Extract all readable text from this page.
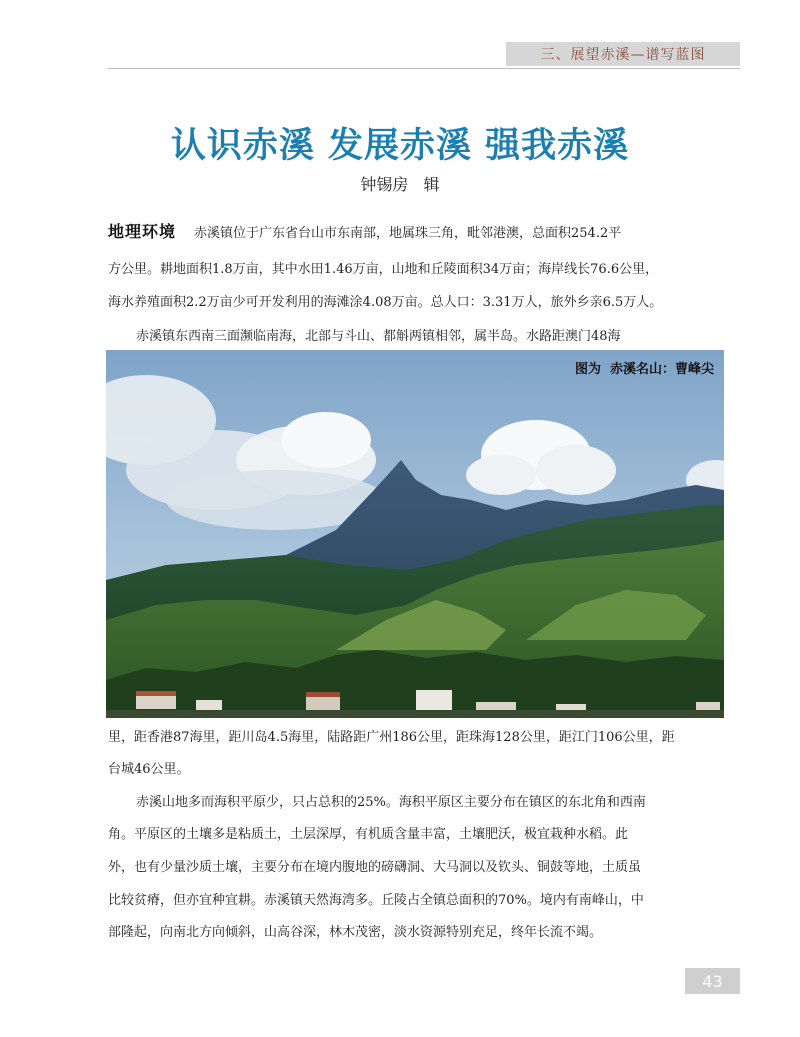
三、展望赤溪—谱写蓝图
认识赤溪 发展赤溪 强我赤溪
钟锡房   辑
地理环境 赤溪镇位于广东省台山市东南部，地属珠三角，毗邻港澳，总面积254.2平
方公里。耕地面积1.8万亩，其中水田1.46万亩，山地和丘陵面积34万亩；海岸线长76.6公里，
海水养殖面积2.2万亩少可开发利用的海滩涂4.08万亩。总人口：3.31万人，旅外乡亲6.5万人。
赤溪镇东西南三面濒临南海，北部与斗山、都斛两镇相邻，属半岛。水路距澳门48海
图为  赤溪名山：曹峰尖
里，距香港87海里，距川岛4.5海里，陆路距广州186公里，距珠海128公里，距江门106公里，距
台城46公里。
赤溪山地多而海积平原少，只占总积的25%。海积平原区主要分布在镇区的东北角和西南
角。平原区的土壤多是粘质土，土层深厚，有机质含量丰富，土壤肥沃，极宜栽种水稻。此
外，也有少量沙质土壤，主要分布在境内腹地的磅礴洞、大马洞以及钦头、铜鼓等地，土质虽
比较贫瘠，但亦宜种宜耕。赤溪镇天然海湾多。丘陵占全镇总面积的70%。境内有南峰山，中
部隆起，向南北方向倾斜，山高谷深，林木茂密，淡水资源特别充足，终年长流不竭。
43
